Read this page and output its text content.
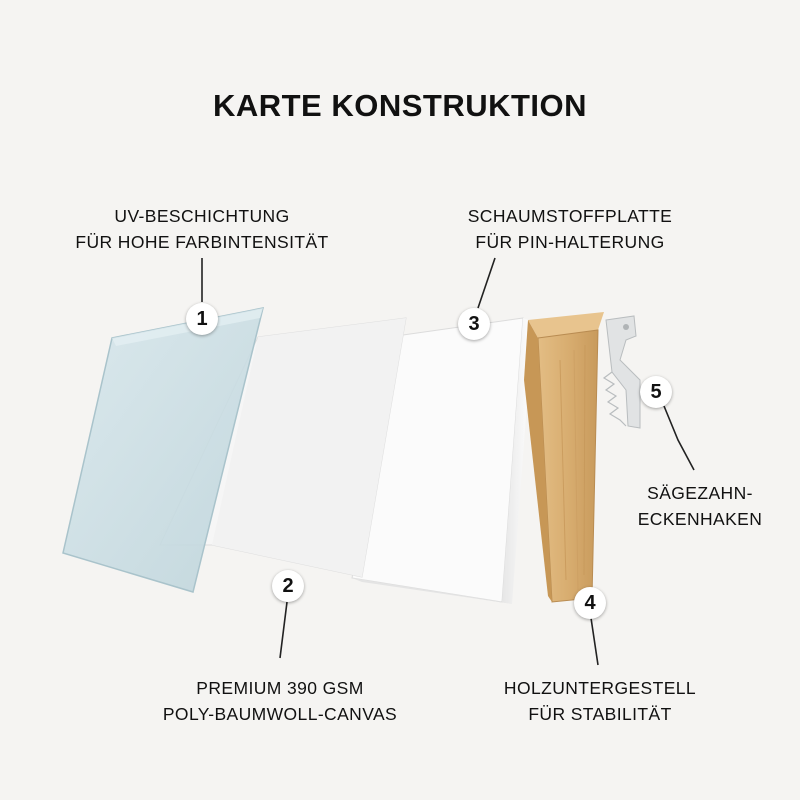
KARTE KONSTRUKTION
1
2
3
4
5
UV-BESCHICHTUNG
FÜR HOHE FARBINTENSITÄT
PREMIUM 390 GSM
POLY-BAUMWOLL-CANVAS
SCHAUMSTOFFPLATTE
FÜR PIN-HALTERUNG
HOLZUNTERGESTELL
FÜR STABILITÄT
SÄGEZAHN-
ECKENHAKEN
